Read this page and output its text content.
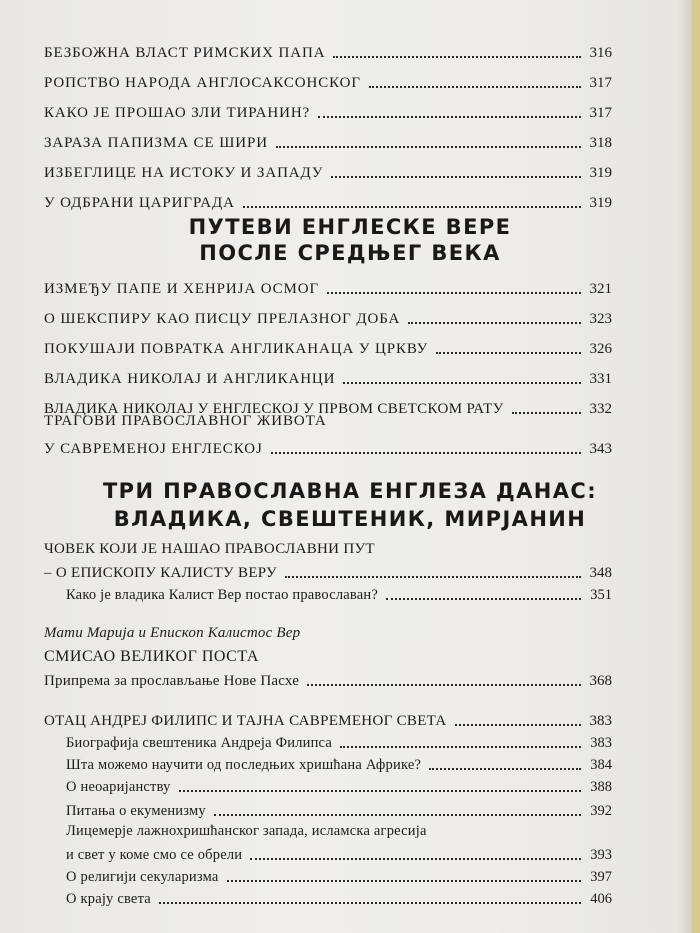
БЕЗБОЖНА ВЛАСТ РИМСКИХ ПАПА	316
РОПСТВО НАРОДА АНГЛОСАКСОНСКОГ	317
КАКО ЈЕ ПРОШАО ЗЛИ ТИРАНИН?	317
ЗАРАЗА ПАПИЗМА СЕ ШИРИ	318
ИЗБЕГЛИЦЕ НА ИСТОКУ И ЗАПАДУ	319
У ОДБРАНИ ЦАРИГРАДА	319
ПУТЕВИ ЕНГЛЕСКЕ ВЕРЕ
ПОСЛЕ СРЕДЊЕГ ВЕКА
ИЗМЕЂУ ПАПЕ И ХЕНРИЈА ОСМОГ	321
О ШЕКСПИРУ КАО ПИСЦУ ПРЕЛАЗНОГ ДОБА	323
ПОКУШАЈИ ПОВРАТКА АНГЛИКАНАЦА У ЦРКВУ	326
ВЛАДИКА НИКОЛАЈ И АНГЛИКАНЦИ	331
ВЛАДИКА НИКОЛАЈ У ЕНГЛЕСКОЈ У ПРВОМ СВЕТСКОМ РАТУ	332
ТРАГОВИ ПРАВОСЛАВНОГ ЖИВОТА
У САВРЕМЕНОЈ ЕНГЛЕСКОЈ	343
ТРИ ПРАВОСЛАВНА ЕНГЛЕЗА ДАНАС:
ВЛАДИКА, СВЕШТЕНИК, МИРЈАНИН
ЧОВЕК КОЈИ ЈЕ НАШАО ПРАВОСЛАВНИ ПУТ
– О ЕПИСКОПУ КАЛИСТУ ВЕРУ	348
Како је владика Калист Вер постао православан?	351
Мати Марија и Епископ Калистос Вер
СМИСАО ВЕЛИКОГ ПОСТА
Припрема за прослављање Нове Пасхе	368
ОТАЦ АНДРЕЈ ФИЛИПС И ТАЈНА САВРЕМЕНОГ СВЕТА	383
Биографија свештеника Андреја Филипса	383
Шта можемо научити од последњих хришћана Африке?	384
О неоаријанству	388
Питања о екуменизму	392
Лицемерје лажнохришћанског запада, исламска агресија
и свет у коме смо се обрели	393
О религији секуларизма	397
О крају света	406
